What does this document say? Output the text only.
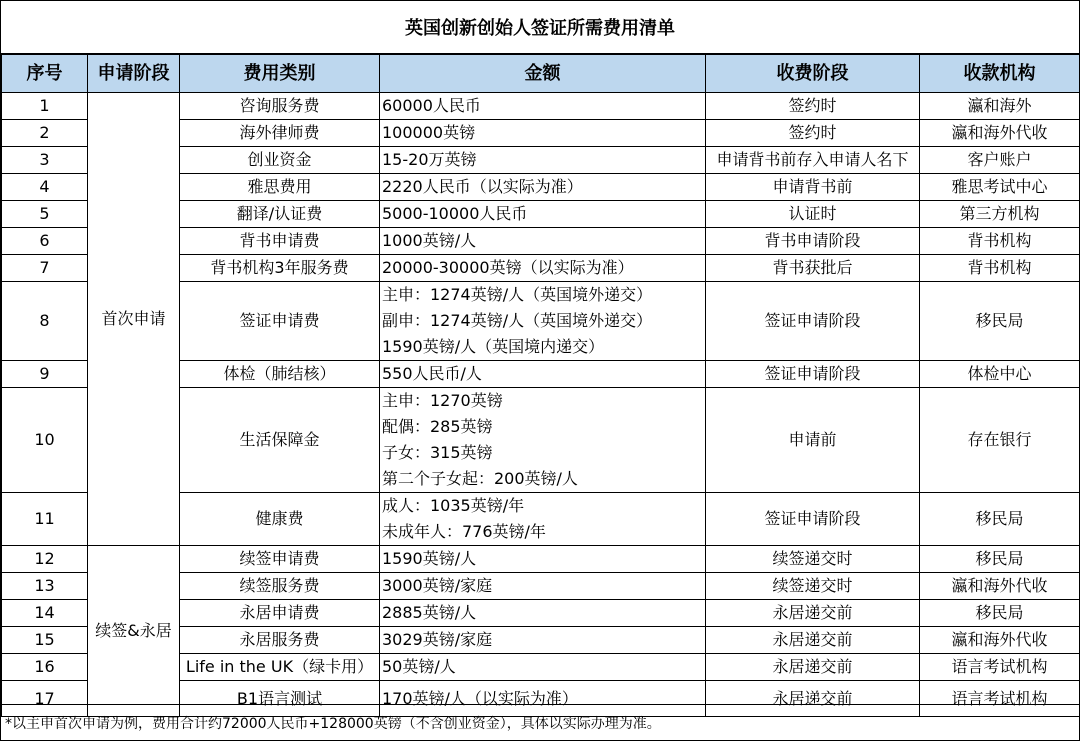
英国创新创始人签证所需费用清单
序号	申请阶段	费用类别	金额	收费阶段	收款机构
1	首次申请	咨询服务费	60000人民币	签约时	瀛和海外
2		海外律师费	100000英镑	签约时	瀛和海外代收
3		创业资金	15-20万英镑	申请背书前存入申请人名下	客户账户
4		雅思费用	2220人民币（以实际为准）	申请背书前	雅思考试中心
5		翻译/认证费	5000-10000人民币	认证时	第三方机构
6		背书申请费	1000英镑/人	背书申请阶段	背书机构
7		背书机构3年服务费	20000-30000英镑（以实际为准）	背书获批后	背书机构
8		签证申请费	主申：1274英镑/人（英国境外递交）
副申：1274英镑/人（英国境外递交）
1590英镑/人（英国境内递交）	签证申请阶段	移民局
9		体检（肺结核）	550人民币/人	签证申请阶段	体检中心
10		生活保障金	主申：1270英镑
配偶：285英镑
子女：315英镑
第二个子女起：200英镑/人	申请前	存在银行
11		健康费	成人：1035英镑/年
未成年人：776英镑/年	签证申请阶段	移民局
12	续签&永居	续签申请费	1590英镑/人	续签递交时	移民局
13		续签服务费	3000英镑/家庭	续签递交时	瀛和海外代收
14		永居申请费	2885英镑/人	永居递交前	移民局
15		永居服务费	3029英镑/家庭	永居递交前	瀛和海外代收
16		Life in the UK（绿卡用）	50英镑/人	永居递交前	语言考试机构
17		B1语言测试	170英镑/人（以实际为准）	永居递交前	语言考试机构
*以主申首次申请为例，费用合计约72000人民币+128000英镑（不含创业资金），具体以实际办理为准。
